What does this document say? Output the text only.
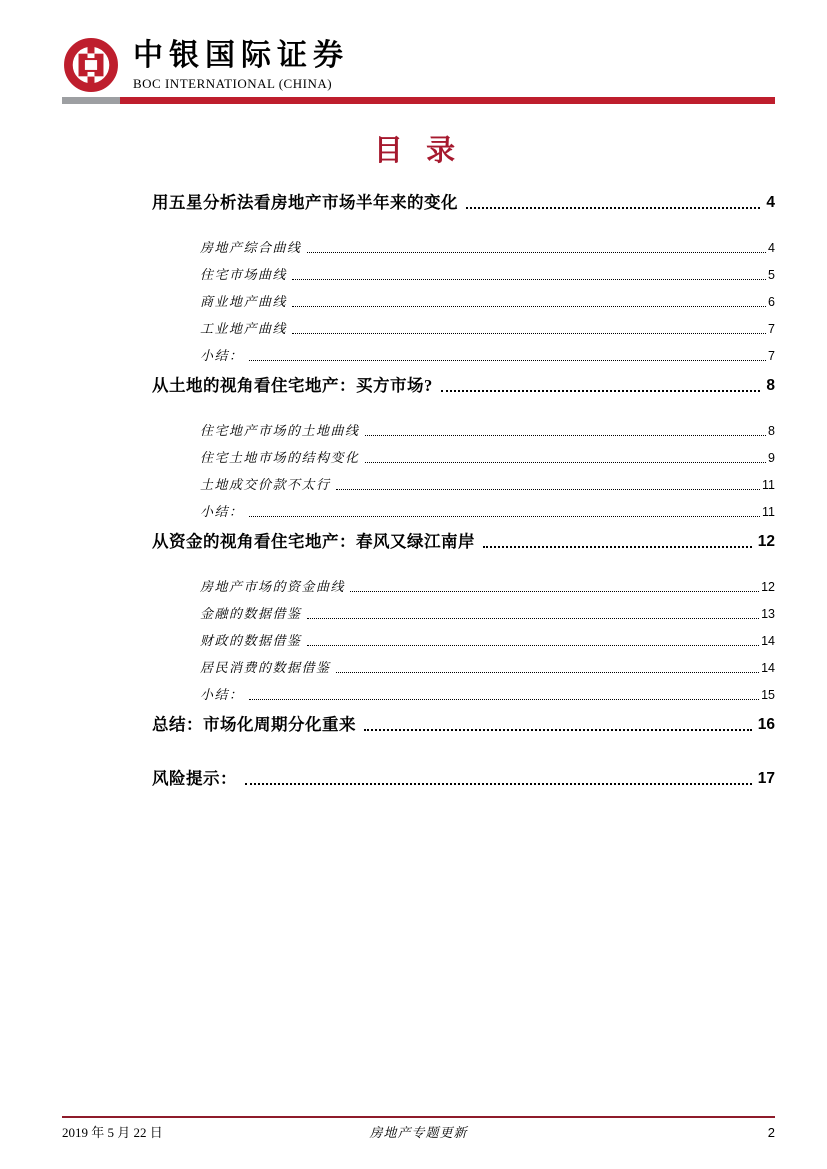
中银国际证券
BOC INTERNATIONAL (CHINA)
目 录
用五星分析法看房地产市场半年来的变化	4
房地产综合曲线	4
住宅市场曲线	5
商业地产曲线	6
工业地产曲线	7
小结：	7
从土地的视角看住宅地产：买方市场?	8
住宅地产市场的土地曲线	8
住宅土地市场的结构变化	9
土地成交价款不太行	11
小结：	11
从资金的视角看住宅地产：春风又绿江南岸	12
房地产市场的资金曲线	12
金融的数据借鉴	13
财政的数据借鉴	14
居民消费的数据借鉴	14
小结：	15
总结：市场化周期分化重来	16
风险提示：	17
2019 年 5 月 22 日	房地产专题更新	2
